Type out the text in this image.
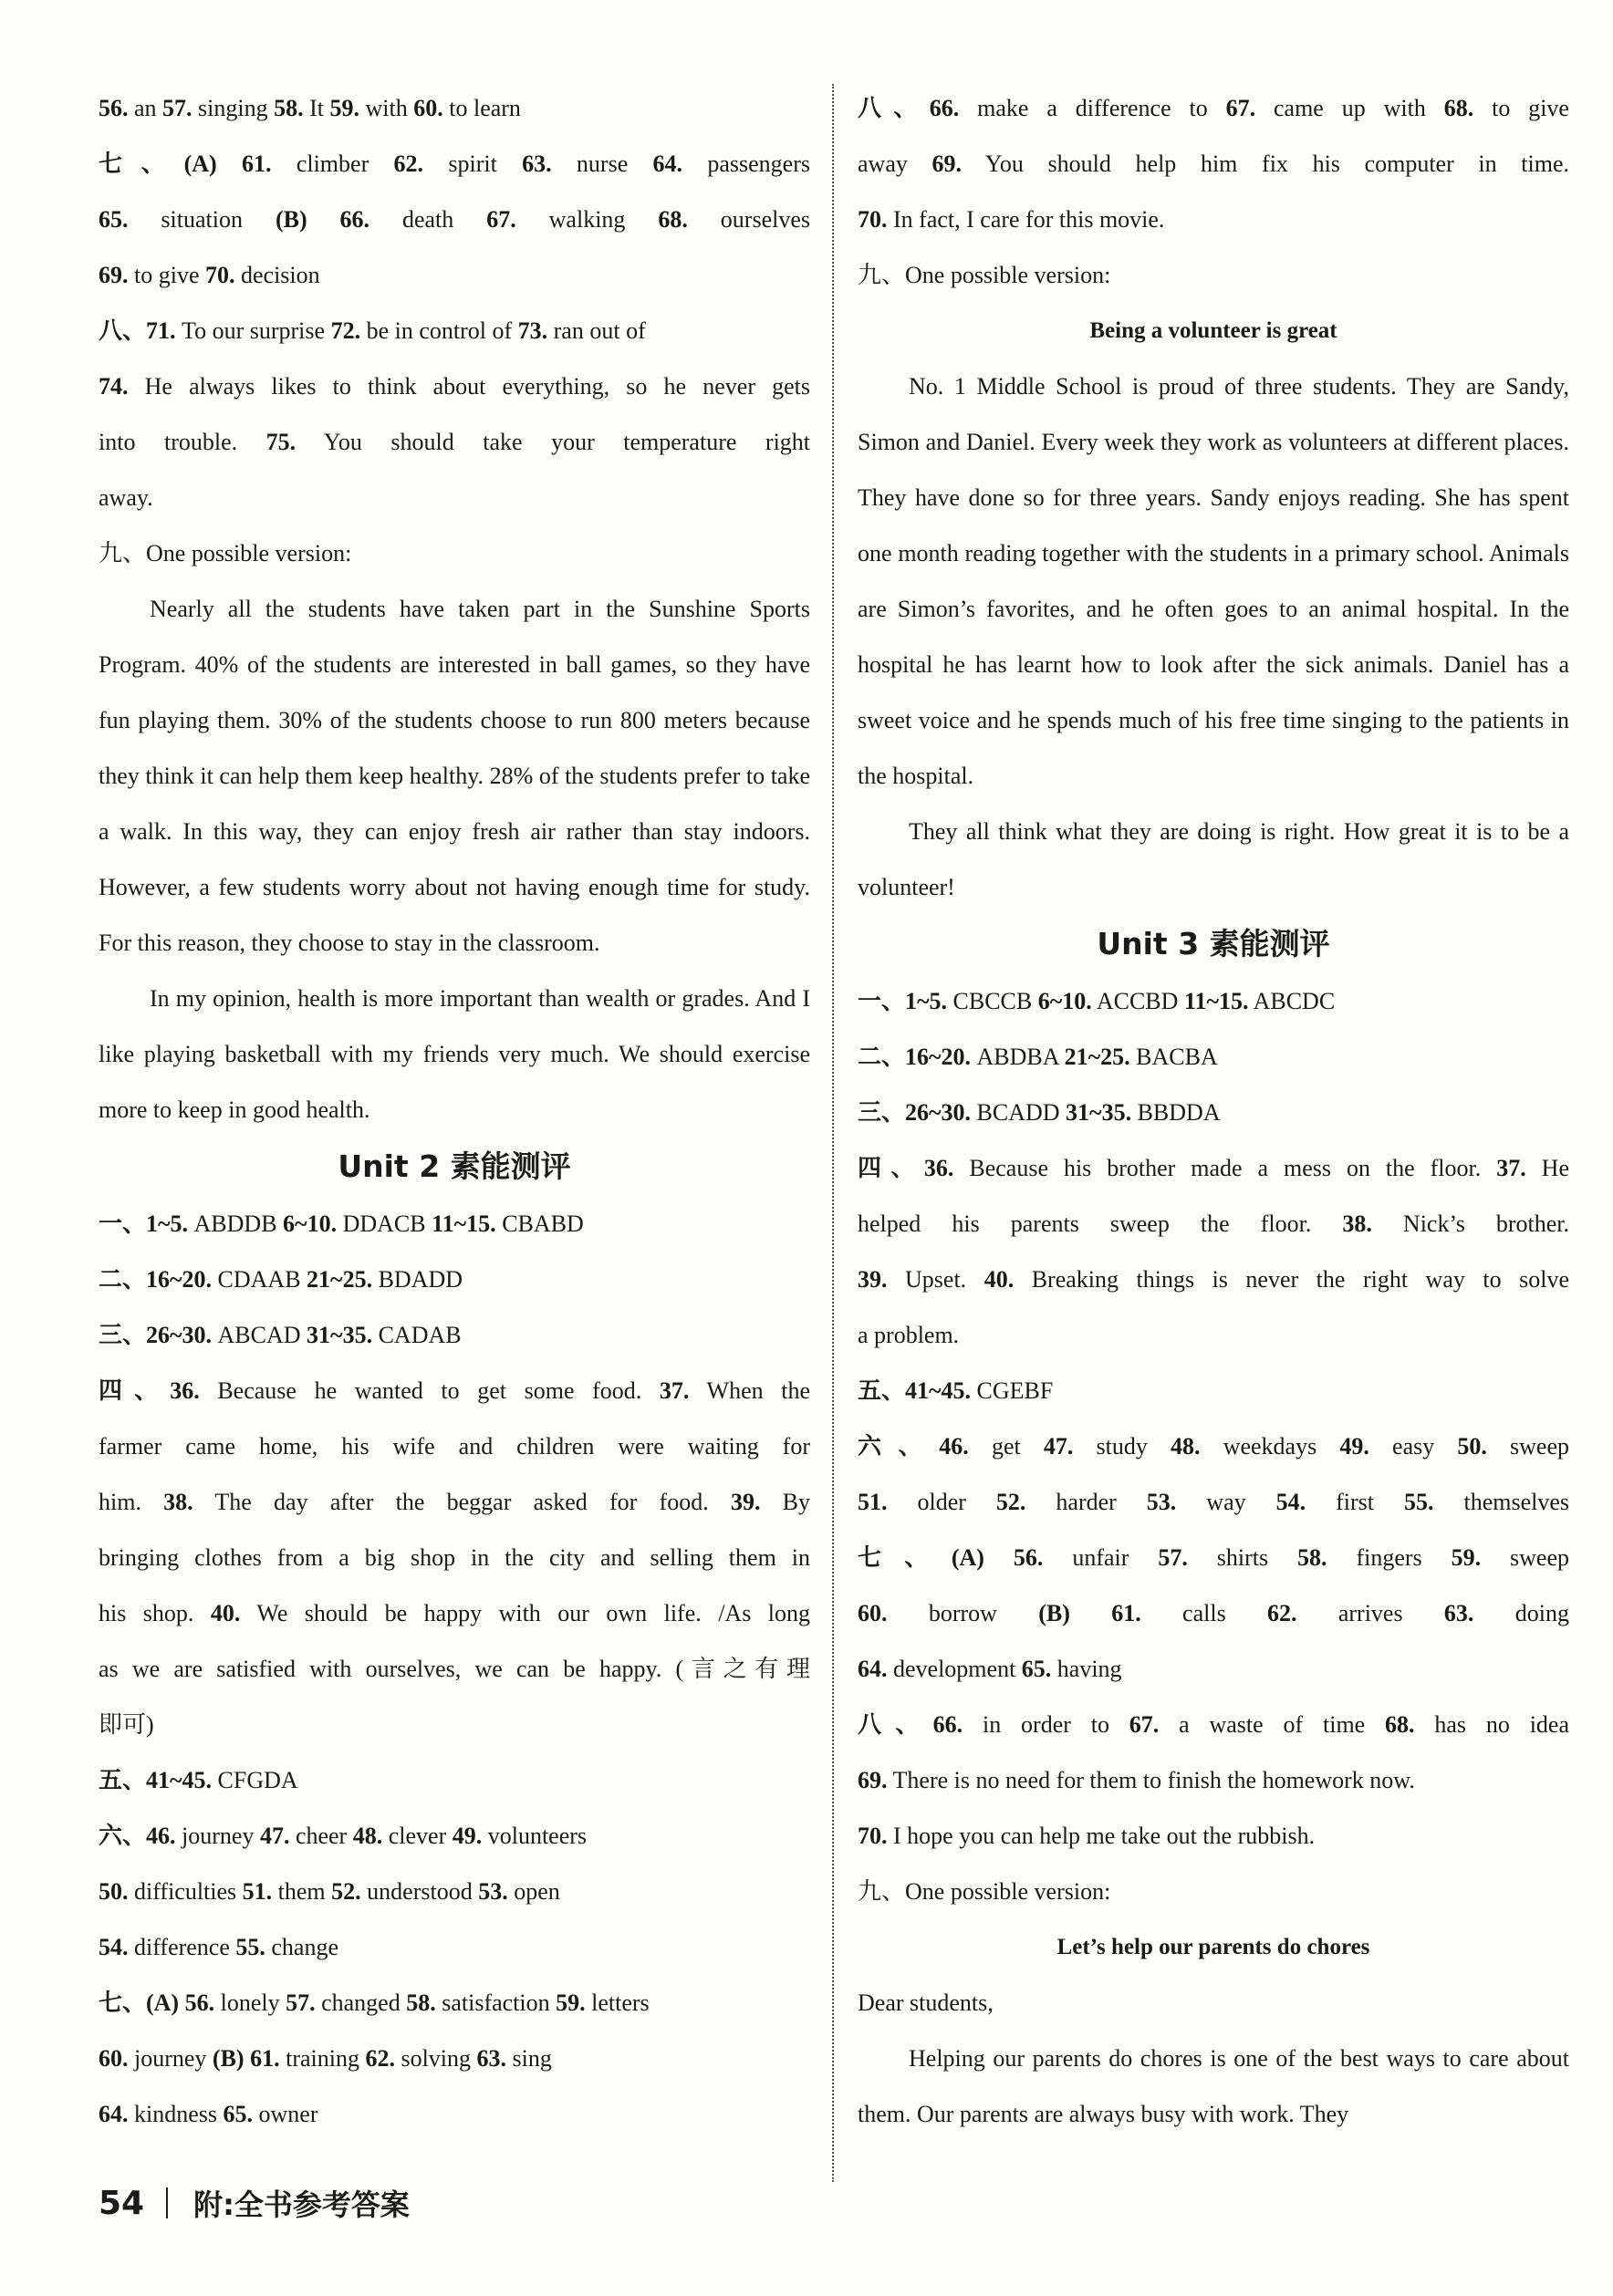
56. an 57. singing 58. It 59. with 60. to learn
七、(A) 61. climber 62. spirit 63. nurse 64. passengers
65. situation (B) 66. death 67. walking 68. ourselves
69. to give 70. decision
八、71. To our surprise 72. be in control of 73. ran out of
74. He always likes to think about everything, so he never gets
into trouble. 75. You should take your temperature right
away.
九、One possible version:
Nearly all the students have taken part in the Sunshine Sports Program. 40% of the students are interested in ball games, so they have fun playing them. 30% of the students choose to run 800 meters because they think it can help them keep healthy. 28% of the students prefer to take a walk. In this way, they can enjoy fresh air rather than stay indoors. However, a few students worry about not having enough time for study. For this reason, they choose to stay in the classroom.
In my opinion, health is more important than wealth or grades. And I like playing basketball with my friends very much. We should exercise more to keep in good health.
Unit 2 素能测评
一、1~5. ABDDB 6~10. DDACB 11~15. CBABD
二、16~20. CDAAB 21~25. BDADD
三、26~30. ABCAD 31~35. CADAB
四、36. Because he wanted to get some food. 37. When the
farmer came home, his wife and children were waiting for
him. 38. The day after the beggar asked for food. 39. By
bringing clothes from a big shop in the city and selling them in
his shop. 40. We should be happy with our own life. /As long
as we are satisfied with ourselves, we can be happy. (言之有理
即可)
五、41~45. CFGDA
六、46. journey 47. cheer 48. clever 49. volunteers
50. difficulties 51. them 52. understood 53. open
54. difference 55. change
七、(A) 56. lonely 57. changed 58. satisfaction 59. letters
60. journey (B) 61. training 62. solving 63. sing
64. kindness 65. owner
八、66. make a difference to 67. came up with 68. to give
away 69. You should help him fix his computer in time.
70. In fact, I care for this movie.
九、One possible version:
Being a volunteer is great
No. 1 Middle School is proud of three students. They are Sandy, Simon and Daniel. Every week they work as volunteers at different places. They have done so for three years. Sandy enjoys reading. She has spent one month reading together with the students in a primary school. Animals are Simon’s favorites, and he often goes to an animal hospital. In the hospital he has learnt how to look after the sick animals. Daniel has a sweet voice and he spends much of his free time singing to the patients in the hospital.
They all think what they are doing is right. How great it is to be a volunteer!
Unit 3 素能测评
一、1~5. CBCCB 6~10. ACCBD 11~15. ABCDC
二、16~20. ABDBA 21~25. BACBA
三、26~30. BCADD 31~35. BBDDA
四、36. Because his brother made a mess on the floor. 37. He
helped his parents sweep the floor. 38. Nick’s brother.
39. Upset. 40. Breaking things is never the right way to solve
a problem.
五、41~45. CGEBF
六、46. get 47. study 48. weekdays 49. easy 50. sweep
51. older 52. harder 53. way 54. first 55. themselves
七、(A) 56. unfair 57. shirts 58. fingers 59. sweep
60. borrow (B) 61. calls 62. arrives 63. doing
64. development 65. having
八、66. in order to 67. a waste of time 68. has no idea
69. There is no need for them to finish the homework now.
70. I hope you can help me take out the rubbish.
九、One possible version:
Let’s help our parents do chores
Dear students,
Helping our parents do chores is one of the best ways to care about them. Our parents are always busy with work. They
54 附:全书参考答案
